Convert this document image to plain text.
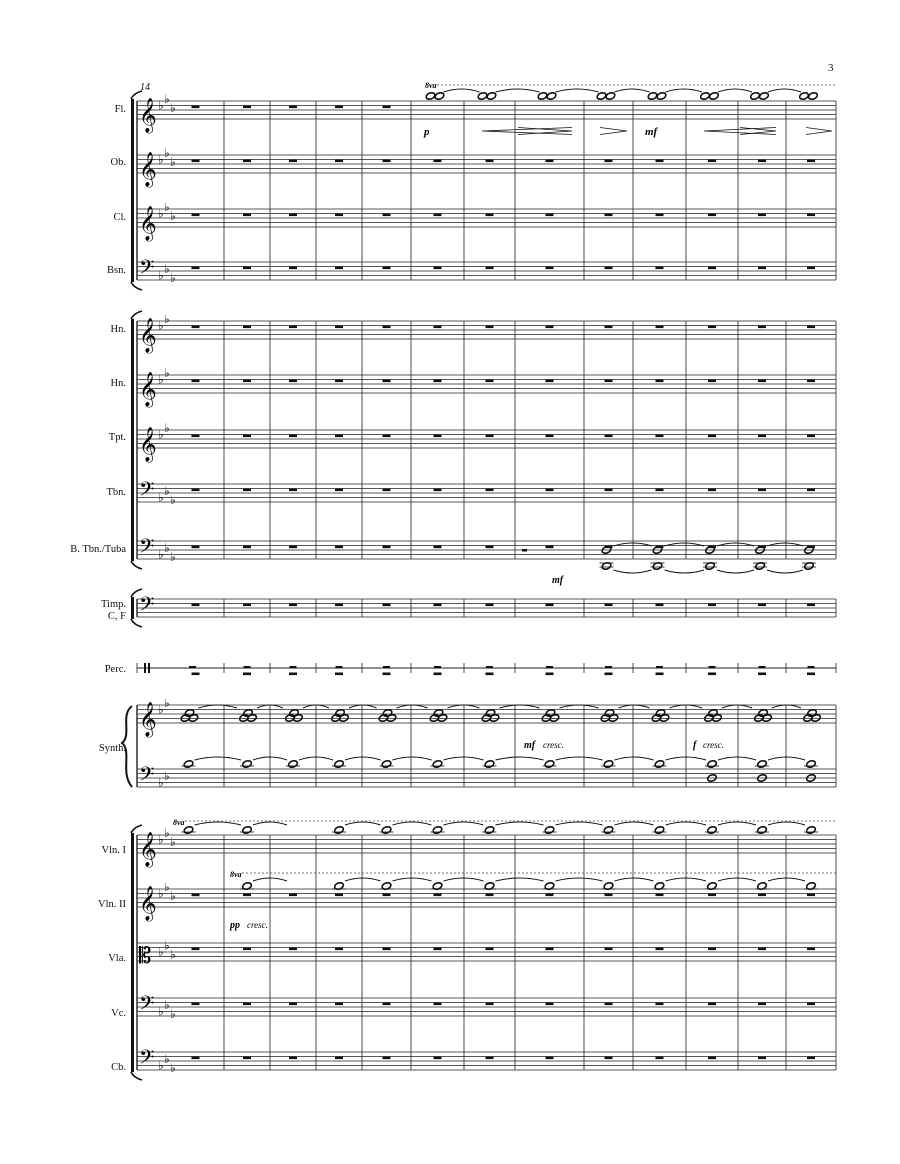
3
14
Fl.
Ob.
Cl.
Bsn.
Hn.
Hn.
Tpt.
Tbn.
B. Tbn./Tuba
Timp.
C, F
Perc.
Synth.
Vln. I
Vln. II
Vla.
Vc.
Cb.
𝄞 ♭ ♭
♭
𝄞 ♭ ♭
♭
𝄞 ♭ ♭
♭
𝄢 ♭ ♭
♭
𝄞 ♭ ♭
𝄞 ♭ ♭
𝄞 ♭ ♭
𝄢 ♭ ♭
♭
𝄢 ♭ ♭
♭
𝄢
𝄞 ♭ ♭
𝄢 ♭ ♭
𝄞 ♭ ♭
♭
𝄞 ♭ ♭
♭
𝄡 ♭ ♭
♭
𝄢 ♭ ♭
♭
𝄢 ♭ ♭
♭
p	mf
mf
mf cresc.	f cresc.
pp cresc.
8va
8va
8va
